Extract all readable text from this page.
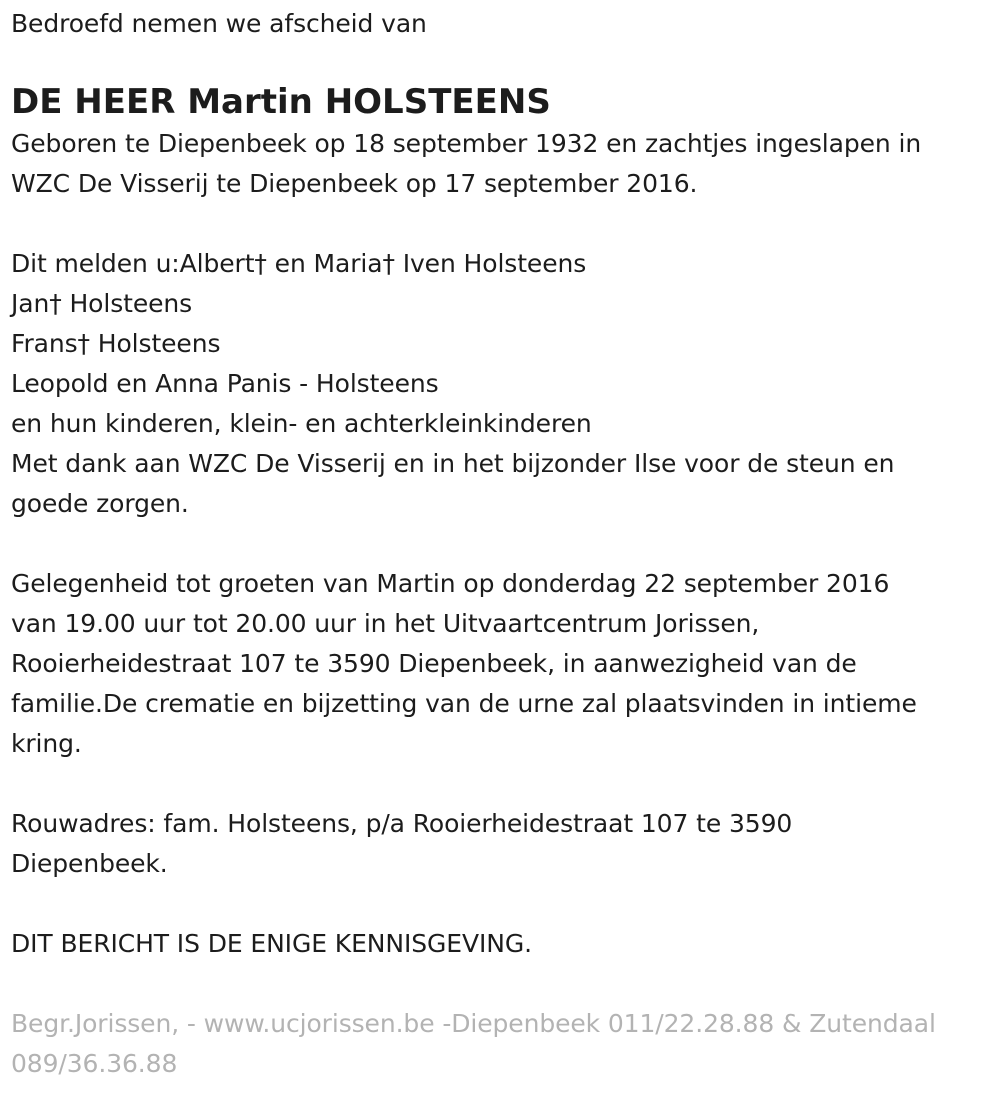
Bedroefd nemen we afscheid van
DE HEER Martin HOLSTEENS
Geboren te Diepenbeek op 18 september 1932 en zachtjes ingeslapen in
WZC De Visserij te Diepenbeek op 17 september 2016.
Dit melden u:Albert† en Maria† Iven Holsteens
Jan† Holsteens
Frans† Holsteens
Leopold en Anna Panis - Holsteens
en hun kinderen, klein- en achterkleinkinderen
Met dank aan WZC De Visserij en in het bijzonder Ilse voor de steun en
goede zorgen.
Gelegenheid tot groeten van Martin op donderdag 22 september 2016
van 19.00 uur tot 20.00 uur in het Uitvaartcentrum Jorissen,
Rooierheidestraat 107 te 3590 Diepenbeek, in aanwezigheid van de
familie.De crematie en bijzetting van de urne zal plaatsvinden in intieme
kring.
Rouwadres: fam. Holsteens, p/a Rooierheidestraat 107 te 3590
Diepenbeek.
DIT BERICHT IS DE ENIGE KENNISGEVING.
Begr.Jorissen, - www.ucjorissen.be -Diepenbeek 011/22.28.88 & Zutendaal
089/36.36.88
